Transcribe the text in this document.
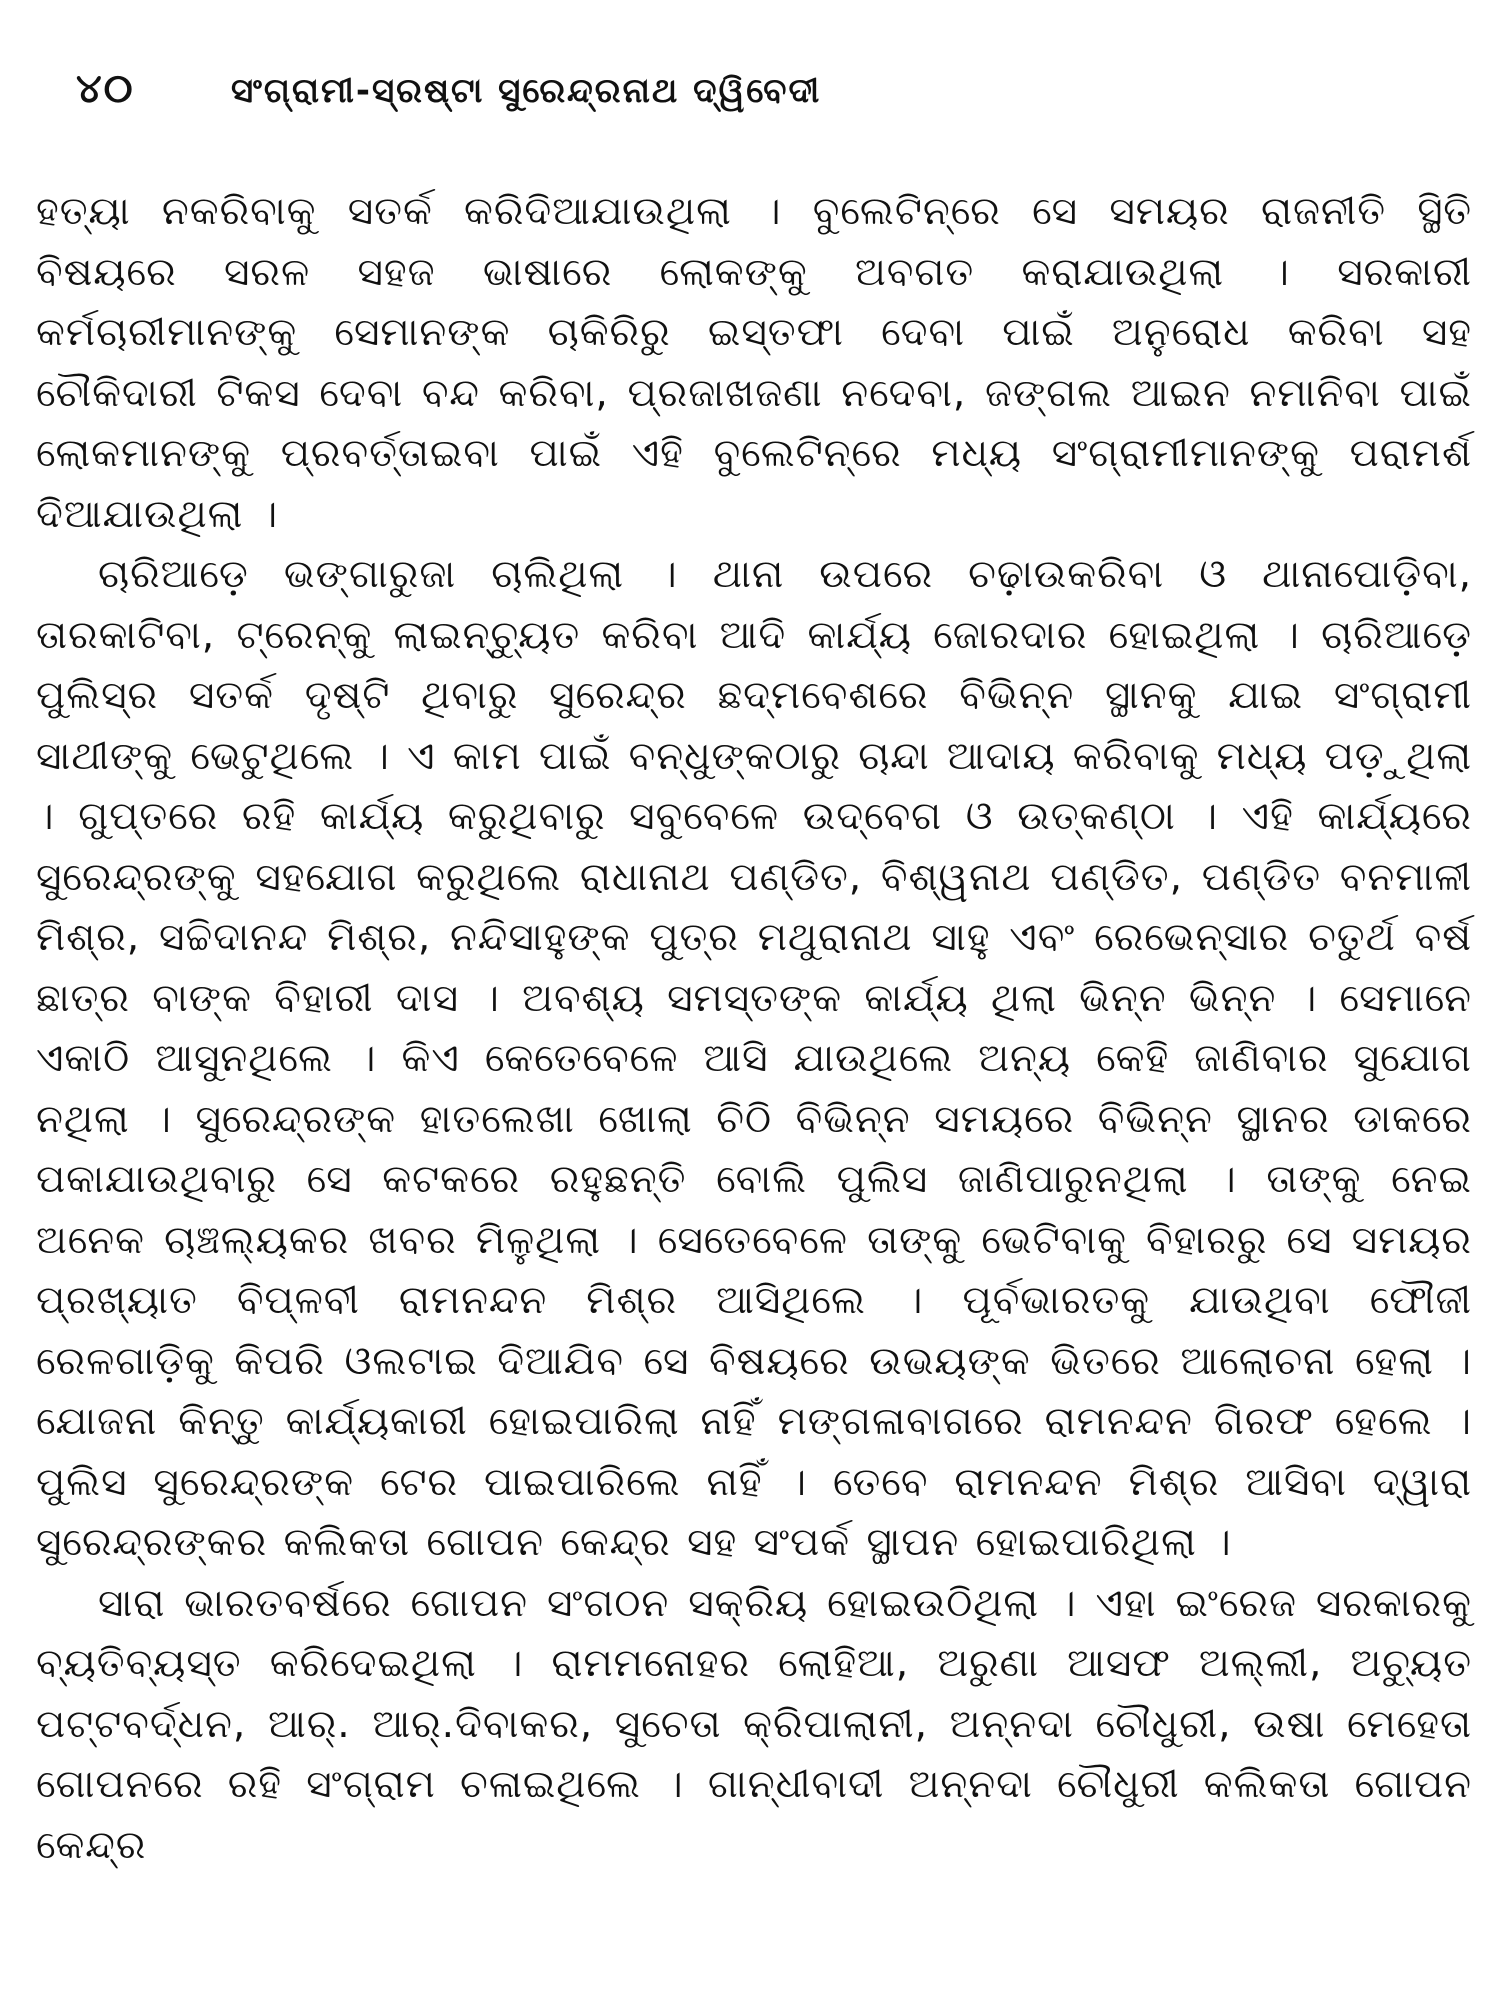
୪୦	ସଂଗ୍ରାମୀ-ସ୍ରଷ୍ଟା ସୁରେନ୍ଦ୍ରନାଥ ଦ୍ୱିବେଦୀ

ହତ୍ୟା ନକରିବାକୁ ସତର୍କ କରିଦିଆଯାଉଥିଲା । ବୁଲେଟିନ୍‌ରେ ସେ ସମୟର ରାଜନୀତି ସ୍ଥିତି ବିଷୟରେ ସରଳ ସହଜ ଭାଷାରେ ଲୋକଙ୍କୁ ଅବଗତ କରାଯାଉଥିଲା । ସରକାରୀ କର୍ମଚାରୀମାନଙ୍କୁ ସେମାନଙ୍କ ଚାକିରିରୁ ଇସ୍ତଫା ଦେବା ପାଇଁ ଅନୁରୋଧ କରିବା ସହ ଚୌକିଦାରୀ ଟିକସ ଦେବା ବନ୍ଦ କରିବା, ପ୍ରଜାଖଜଣା ନଦେବା, ଜଙ୍ଗଲ ଆଇନ ନମାନିବା ପାଇଁ ଲୋକମାନଙ୍କୁ ପ୍ରବର୍ତ୍ତାଇବା ପାଇଁ ଏହି ବୁଲେଟିନ୍‌ରେ ମଧ୍ୟ ସଂଗ୍ରାମୀମାନଙ୍କୁ ପରାମର୍ଶ ଦିଆଯାଉଥିଲା ।

ଚାରିଆଡ଼େ ଭଙ୍ଗାରୁଜା ଚାଲିଥିଲା । ଥାନା ଉପରେ ଚଢ଼ାଉକରିବା ଓ ଥାନାପୋଡ଼ିବା, ତାରକାଟିବା, ଟ୍ରେନ୍‌କୁ ଲାଇନ୍‌ଚ୍ୟୁତ କରିବା ଆଦି କାର୍ଯ୍ୟ ଜୋରଦାର ହୋଇଥିଲା । ଚାରିଆଡ଼େ ପୁଲିସ୍‌ର ସତର୍କ ଦୃଷ୍ଟି ଥିବାରୁ ସୁରେନ୍ଦ୍ର ଛଦ୍ମବେଶରେ ବିଭିନ୍ନ ସ୍ଥାନକୁ ଯାଇ ସଂଗ୍ରାମୀ ସାଥୀଙ୍କୁ ଭେଟୁଥିଲେ । ଏ କାମ ପାଇଁ ବନ୍ଧୁଙ୍କଠାରୁ ଚାନ୍ଦା ଆଦାୟ କରିବାକୁ ମଧ୍ୟ ପଡ଼ୁଥିଲା । ଗୁପ୍ତରେ ରହି କାର୍ଯ୍ୟ କରୁଥିବାରୁ ସବୁବେଳେ ଉଦ୍‌ବେଗ ଓ ଉତ୍‌କଣ୍ଠା । ଏହି କାର୍ଯ୍ୟରେ ସୁରେନ୍ଦ୍ରଙ୍କୁ ସହଯୋଗ କରୁଥିଲେ ରାଧାନାଥ ପଣ୍ଡିତ, ବିଶ୍ୱନାଥ ପଣ୍ଡିତ, ପଣ୍ଡିତ ବନମାଳୀ ମିଶ୍ର, ସଚ୍ଚିଦାନନ୍ଦ ମିଶ୍ର, ନନ୍ଦିସାହୁଙ୍କ ପୁତ୍ର ମଥୁରାନାଥ ସାହୁ ଏବଂ ରେଭେନ୍ସାର ଚତୁର୍ଥ ବର୍ଷ ଛାତ୍ର ବାଙ୍କ ବିହାରୀ ଦାସ । ଅବଶ୍ୟ ସମସ୍ତଙ୍କ କାର୍ଯ୍ୟ ଥିଲା ଭିନ୍ନ ଭିନ୍ନ । ସେମାନେ ଏକାଠି ଆସୁନଥିଲେ । କିଏ କେତେବେଳେ ଆସି ଯାଉଥିଲେ ଅନ୍ୟ କେହି ଜାଣିବାର ସୁଯୋଗ ନଥିଲା । ସୁରେନ୍ଦ୍ରଙ୍କ ହାତଲେଖା ଖୋଲା ଚିଠି ବିଭିନ୍ନ ସମୟରେ ବିଭିନ୍ନ ସ୍ଥାନର ଡାକରେ ପକାଯାଉଥିବାରୁ ସେ କଟକରେ ରହୁଛନ୍ତି ବୋଲି ପୁଲିସ ଜାଣିପାରୁନଥିଲା । ତାଙ୍କୁ ନେଇ ଅନେକ ଚାଞ୍ଚଲ୍ୟକର ଖବର ମିଳୁଥିଲା । ସେତେବେଳେ ତାଙ୍କୁ ଭେଟିବାକୁ ବିହାରରୁ ସେ ସମୟର ପ୍ରଖ୍ୟାତ ବିପ୍ଳବୀ ରାମନନ୍ଦନ ମିଶ୍ର ଆସିଥିଲେ । ପୂର୍ବଭାରତକୁ ଯାଉଥିବା ଫୌଜୀ ରେଳଗାଡ଼ିକୁ କିପରି ଓଲଟାଇ ଦିଆଯିବ ସେ ବିଷୟରେ ଉଭୟଙ୍କ ଭିତରେ ଆଲୋଚନା ହେଲା । ଯୋଜନା କିନ୍ତୁ କାର୍ଯ୍ୟକାରୀ ହୋଇପାରିଲା ନାହିଁ ମଙ୍ଗଳାବାଗରେ ରାମନନ୍ଦନ ଗିରଫ ହେଲେ । ପୁଲିସ ସୁରେନ୍ଦ୍ରଙ୍କ ଟେର ପାଇପାରିଲେ ନାହିଁ । ତେବେ ରାମନନ୍ଦନ ମିଶ୍ର ଆସିବା ଦ୍ୱାରା ସୁରେନ୍ଦ୍ରଙ୍କର କଲିକତା ଗୋପନ କେନ୍ଦ୍ର ସହ ସଂପର୍କ ସ୍ଥାପନ ହୋଇପାରିଥିଲା ।

ସାରା ଭାରତବର୍ଷରେ ଗୋପନ ସଂଗଠନ ସକ୍ରିୟ ହୋଇଉଠିଥିଲା । ଏହା ଇଂରେଜ ସରକାରକୁ ବ୍ୟତିବ୍ୟସ୍ତ କରିଦେଇଥିଲା । ରାମମନୋହର ଲୋହିଆ, ଅରୁଣା ଆସଫ ଅଲ୍ଲୀ, ଅଚ୍ୟୁତ ପଟ୍ଟବର୍ଦ୍ଧନ, ଆର୍. ଆର୍.ଦିବାକର, ସୁଚେତା କ୍ରିପାଲାନୀ, ଅନ୍ନଦା ଚୌଧୁରୀ, ଉଷା ମେହେତା ଗୋପନରେ ରହି ସଂଗ୍ରାମ ଚଳାଇଥିଲେ । ଗାନ୍ଧୀବାଦୀ ଅନ୍ନଦା ଚୌଧୁରୀ କଲିକତା ଗୋପନ କେନ୍ଦ୍ର
